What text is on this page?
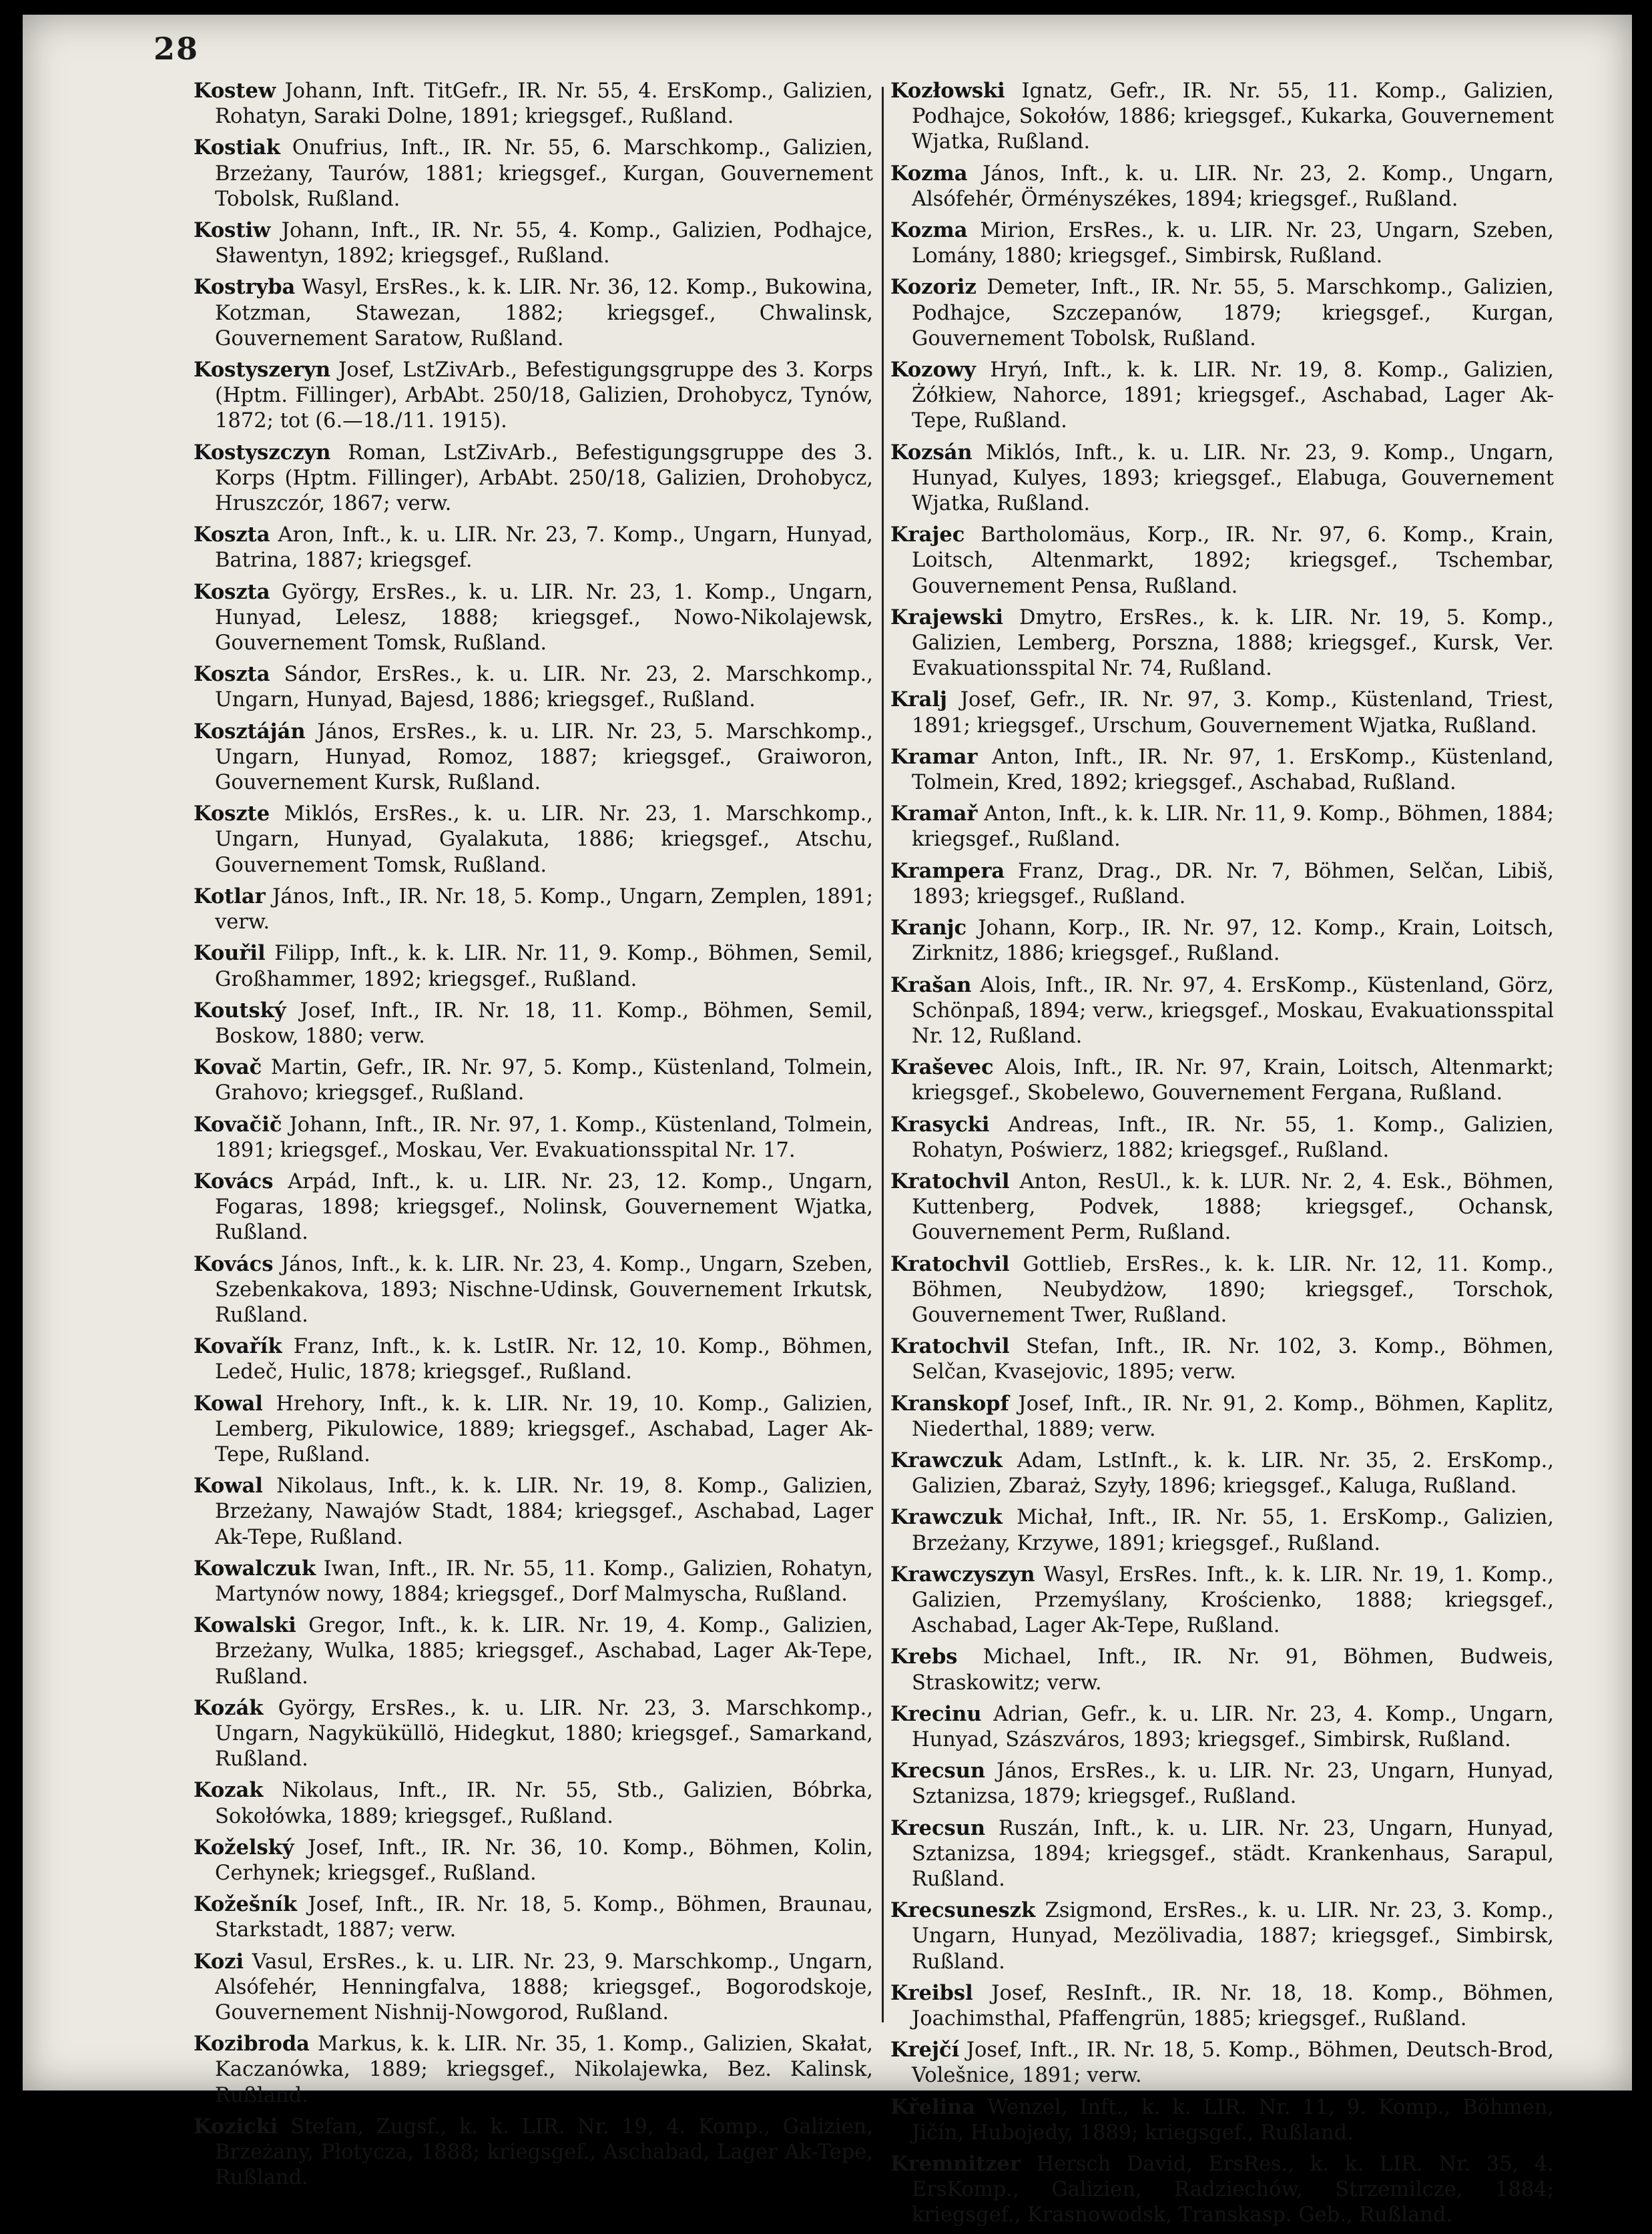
28

Kostew Johann, Inft. TitGefr., IR. Nr. 55, 4. ErsKomp., Galizien, Rohatyn, Saraki Dolne, 1891; kriegsgef., Rußland.

Kostiak Onufrius, Inft., IR. Nr. 55, 6. Marschkomp., Galizien, Brzeżany, Taurów, 1881; kriegsgef., Kurgan, Gouvernement Tobolsk, Rußland.

Kostiw Johann, Inft., IR. Nr. 55, 4. Komp., Galizien, Podhajce, Sławentyn, 1892; kriegsgef., Rußland.

Kostryba Wasyl, ErsRes., k. k. LIR. Nr. 36, 12. Komp., Bukowina, Kotzman, Stawezan, 1882; kriegsgef., Chwalinsk, Gouvernement Saratow, Rußland.

Kostyszeryn Josef, LstZivArb., Befestigungsgruppe des 3. Korps (Hptm. Fillinger), ArbAbt. 250/18, Galizien, Drohobycz, Tynów, 1872; tot (6.—18./11. 1915).

Kostyszczyn Roman, LstZivArb., Befestigungsgruppe des 3. Korps (Hptm. Fillinger), ArbAbt. 250/18, Galizien, Drohobycz, Hruszczór, 1867; verw.

Koszta Aron, Inft., k. u. LIR. Nr. 23, 7. Komp., Ungarn, Hunyad, Batrina, 1887; kriegsgef.

Koszta György, ErsRes., k. u. LIR. Nr. 23, 1. Komp., Ungarn, Hunyad, Lelesz, 1888; kriegsgef., Nowo-Nikolajewsk, Gouvernement Tomsk, Rußland.

Koszta Sándor, ErsRes., k. u. LIR. Nr. 23, 2. Marschkomp., Ungarn, Hunyad, Bajesd, 1886; kriegsgef., Rußland.

Kosztáján János, ErsRes., k. u. LIR. Nr. 23, 5. Marschkomp., Ungarn, Hunyad, Romoz, 1887; kriegsgef., Graiworon, Gouvernement Kursk, Rußland.

Koszte Miklós, ErsRes., k. u. LIR. Nr. 23, 1. Marschkomp., Ungarn, Hunyad, Gyalakuta, 1886; kriegsgef., Atschu, Gouvernement Tomsk, Rußland.

Kotlar János, Inft., IR. Nr. 18, 5. Komp., Ungarn, Zemplen, 1891; verw.

Kouřil Filipp, Inft., k. k. LIR. Nr. 11, 9. Komp., Böhmen, Semil, Großhammer, 1892; kriegsgef., Rußland.

Koutský Josef, Inft., IR. Nr. 18, 11. Komp., Böhmen, Semil, Boskow, 1880; verw.

Kovač Martin, Gefr., IR. Nr. 97, 5. Komp., Küstenland, Tolmein, Grahovo; kriegsgef., Rußland.

Kovačič Johann, Inft., IR. Nr. 97, 1. Komp., Küstenland, Tolmein, 1891; kriegsgef., Moskau, Ver. Evakuationsspital Nr. 17.

Kovács Arpád, Inft., k. u. LIR. Nr. 23, 12. Komp., Ungarn, Fogaras, 1898; kriegsgef., Nolinsk, Gouvernement Wjatka, Rußland.

Kovács János, Inft., k. k. LIR. Nr. 23, 4. Komp., Ungarn, Szeben, Szebenkakova, 1893; Nischne-Udinsk, Gouvernement Irkutsk, Rußland.

Kovařík Franz, Inft., k. k. LstIR. Nr. 12, 10. Komp., Böhmen, Ledeč, Hulic, 1878; kriegsgef., Rußland.

Kowal Hrehory, Inft., k. k. LIR. Nr. 19, 10. Komp., Galizien, Lemberg, Pikulowice, 1889; kriegsgef., Aschabad, Lager Ak-Tepe, Rußland.

Kowal Nikolaus, Inft., k. k. LIR. Nr. 19, 8. Komp., Galizien, Brzeżany, Nawajów Stadt, 1884; kriegsgef., Aschabad, Lager Ak-Tepe, Rußland.

Kowalczuk Iwan, Inft., IR. Nr. 55, 11. Komp., Galizien, Rohatyn, Martynów nowy, 1884; kriegsgef., Dorf Malmyscha, Rußland.

Kowalski Gregor, Inft., k. k. LIR. Nr. 19, 4. Komp., Galizien, Brzeżany, Wulka, 1885; kriegsgef., Aschabad, Lager Ak-Tepe, Rußland.

Kozák György, ErsRes., k. u. LIR. Nr. 23, 3. Marschkomp., Ungarn, Nagyküküllö, Hidegkut, 1880; kriegsgef., Samarkand, Rußland.

Kozak Nikolaus, Inft., IR. Nr. 55, Stb., Galizien, Bóbrka, Sokołówka, 1889; kriegsgef., Rußland.

Koželský Josef, Inft., IR. Nr. 36, 10. Komp., Böhmen, Kolin, Cerhynek; kriegsgef., Rußland.

Kožešník Josef, Inft., IR. Nr. 18, 5. Komp., Böhmen, Braunau, Starkstadt, 1887; verw.

Kozi Vasul, ErsRes., k. u. LIR. Nr. 23, 9. Marschkomp., Ungarn, Alsófehér, Henningfalva, 1888; kriegsgef., Bogorodskoje, Gouvernement Nishnij-Nowgorod, Rußland.

Kozibroda Markus, k. k. LIR. Nr. 35, 1. Komp., Galizien, Skałat, Kaczanówka, 1889; kriegsgef., Nikolajewka, Bez. Kalinsk, Rußland.

Kozicki Stefan, Zugsf., k. k. LIR. Nr. 19, 4. Komp., Galizien, Brzeżany, Płotycza, 1888; kriegsgef., Aschabad, Lager Ak-Tepe, Rußland.

Kozłowski Ignatz, Gefr., IR. Nr. 55, 11. Komp., Galizien, Podhajce, Sokołów, 1886; kriegsgef., Kukarka, Gouvernement Wjatka, Rußland.

Kozma János, Inft., k. u. LIR. Nr. 23, 2. Komp., Ungarn, Alsófehér, Örményszékes, 1894; kriegsgef., Rußland.

Kozma Mirion, ErsRes., k. u. LIR. Nr. 23, Ungarn, Szeben, Lomány, 1880; kriegsgef., Simbirsk, Rußland.

Kozoriz Demeter, Inft., IR. Nr. 55, 5. Marschkomp., Galizien, Podhajce, Szczepanów, 1879; kriegsgef., Kurgan, Gouvernement Tobolsk, Rußland.

Kozowy Hryń, Inft., k. k. LIR. Nr. 19, 8. Komp., Galizien, Żółkiew, Nahorce, 1891; kriegsgef., Aschabad, Lager Ak-Tepe, Rußland.

Kozsán Miklós, Inft., k. u. LIR. Nr. 23, 9. Komp., Ungarn, Hunyad, Kulyes, 1893; kriegsgef., Elabuga, Gouvernement Wjatka, Rußland.

Krajec Bartholomäus, Korp., IR. Nr. 97, 6. Komp., Krain, Loitsch, Altenmarkt, 1892; kriegsgef., Tschembar, Gouvernement Pensa, Rußland.

Krajewski Dmytro, ErsRes., k. k. LIR. Nr. 19, 5. Komp., Galizien, Lemberg, Porszna, 1888; kriegsgef., Kursk, Ver. Evakuationsspital Nr. 74, Rußland.

Kralj Josef, Gefr., IR. Nr. 97, 3. Komp., Küstenland, Triest, 1891; kriegsgef., Urschum, Gouvernement Wjatka, Rußland.

Kramar Anton, Inft., IR. Nr. 97, 1. ErsKomp., Küstenland, Tolmein, Kred, 1892; kriegsgef., Aschabad, Rußland.

Kramař Anton, Inft., k. k. LIR. Nr. 11, 9. Komp., Böhmen, 1884; kriegsgef., Rußland.

Krampera Franz, Drag., DR. Nr. 7, Böhmen, Selčan, Libiš, 1893; kriegsgef., Rußland.

Kranjc Johann, Korp., IR. Nr. 97, 12. Komp., Krain, Loitsch, Zirknitz, 1886; kriegsgef., Rußland.

Krašan Alois, Inft., IR. Nr. 97, 4. ErsKomp., Küstenland, Görz, Schönpaß, 1894; verw., kriegsgef., Moskau, Evakuationsspital Nr. 12, Rußland.

Kraševec Alois, Inft., IR. Nr. 97, Krain, Loitsch, Altenmarkt; kriegsgef., Skobelewo, Gouvernement Fergana, Rußland.

Krasycki Andreas, Inft., IR. Nr. 55, 1. Komp., Galizien, Rohatyn, Poświerz, 1882; kriegsgef., Rußland.

Kratochvil Anton, ResUl., k. k. LUR. Nr. 2, 4. Esk., Böhmen, Kuttenberg, Podvek, 1888; kriegsgef., Ochansk, Gouvernement Perm, Rußland.

Kratochvil Gottlieb, ErsRes., k. k. LIR. Nr. 12, 11. Komp., Böhmen, Neubydżow, 1890; kriegsgef., Torschok, Gouvernement Twer, Rußland.

Kratochvil Stefan, Inft., IR. Nr. 102, 3. Komp., Böhmen, Selčan, Kvasejovic, 1895; verw.

Kranskopf Josef, Inft., IR. Nr. 91, 2. Komp., Böhmen, Kaplitz, Niederthal, 1889; verw.

Krawczuk Adam, LstInft., k. k. LIR. Nr. 35, 2. ErsKomp., Galizien, Zbaraż, Szyły, 1896; kriegsgef., Kaluga, Rußland.

Krawczuk Michał, Inft., IR. Nr. 55, 1. ErsKomp., Galizien, Brzeżany, Krzywe, 1891; kriegsgef., Rußland.

Krawczyszyn Wasyl, ErsRes. Inft., k. k. LIR. Nr. 19, 1. Komp., Galizien, Przemyślany, Krościenko, 1888; kriegsgef., Aschabad, Lager Ak-Tepe, Rußland.

Krebs Michael, Inft., IR. Nr. 91, Böhmen, Budweis, Straskowitz; verw.

Krecinu Adrian, Gefr., k. u. LIR. Nr. 23, 4. Komp., Ungarn, Hunyad, Szászváros, 1893; kriegsgef., Simbirsk, Rußland.

Krecsun János, ErsRes., k. u. LIR. Nr. 23, Ungarn, Hunyad, Sztanizsa, 1879; kriegsgef., Rußland.

Krecsun Ruszán, Inft., k. u. LIR. Nr. 23, Ungarn, Hunyad, Sztanizsa, 1894; kriegsgef., städt. Krankenhaus, Sarapul, Rußland.

Krecsuneszk Zsigmond, ErsRes., k. u. LIR. Nr. 23, 3. Komp., Ungarn, Hunyad, Mezölivadia, 1887; kriegsgef., Simbirsk, Rußland.

Kreibsl Josef, ResInft., IR. Nr. 18, 18. Komp., Böhmen, Joachimsthal, Pfaffengrün, 1885; kriegsgef., Rußland.

Krejčí Josef, Inft., IR. Nr. 18, 5. Komp., Böhmen, Deutsch-Brod, Volešnice, 1891; verw.

Křelina Wenzel, Inft., k. k. LIR. Nr. 11, 9. Komp., Böhmen, Jičín, Hubojedy, 1889; kriegsgef., Rußland.

Kremnitzer Hersch David, ErsRes., k. k. LIR. Nr. 35, 4. ErsKomp., Galizien, Radziechów, Strzemilcze, 1884; kriegsgef., Krasnowodsk, Transkasp. Geb., Rußland.
